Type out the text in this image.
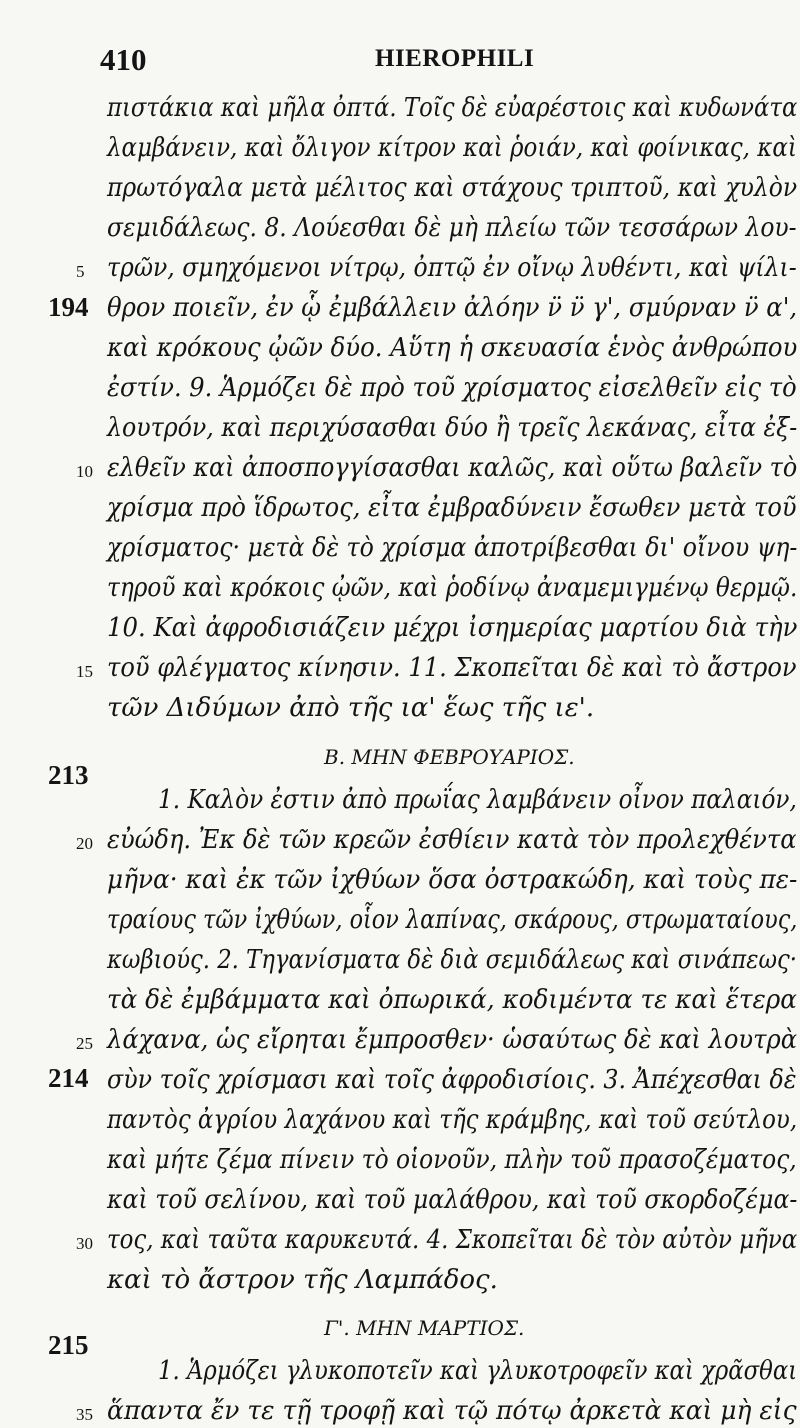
410	HIEROPHILI
πιστάκια καὶ μῆλα ὀπτά. Τοῖς δὲ εὐαρέστοις καὶ κυδωνάτα
λαμβάνειν, καὶ ὄλιγον κίτρον καὶ ῥοιάν, καὶ φοίνικας, καὶ
πρωτόγαλα μετὰ μέλιτος καὶ στάχους τριπτοῦ, καὶ χυλὸν
σεμιδάλεως. 8. Λούεσθαι δὲ μὴ πλείω τῶν τεσσάρων λου-
τρῶν, σμηχόμενοι νίτρῳ, ὀπτῷ ἐν οἴνῳ λυθέντι, καὶ ψίλι-
θρον ποιεῖν, ἐν ᾧ ἐμβάλλειν ἀλόην ν̈ ν̈ γ', σμύρναν ν̈ α',
καὶ κρόκους ᾠῶν δύο. Αὕτη ἡ σκευασία ἑνὸς ἀνθρώπου
ἐστίν. 9. Ἁρμόζει δὲ πρὸ τοῦ χρίσματος εἰσελθεῖν εἰς τὸ
λουτρόν, καὶ περιχύσασθαι δύο ἢ τρεῖς λεκάνας, εἶτα ἐξ-
ελθεῖν καὶ ἀποσπογγίσασθαι καλῶς, καὶ οὕτω βαλεῖν τὸ
χρίσμα πρὸ ἵδρωτος, εἶτα ἐμβραδύνειν ἔσωθεν μετὰ τοῦ
χρίσματος· μετὰ δὲ τὸ χρίσμα ἀποτρίβεσθαι δι' οἴνου ψη-
τηροῦ καὶ κρόκοις ᾠῶν, καὶ ῥοδίνῳ ἀναμεμιγμένῳ θερμῷ.
10. Καὶ ἀφροδισιάζειν μέχρι ἰσημερίας μαρτίου διὰ τὴν
τοῦ φλέγματος κίνησιν. 11. Σκοπεῖται δὲ καὶ τὸ ἄστρον
τῶν Διδύμων ἀπὸ τῆς ια' ἕως τῆς ιε'.
B. ΜΗΝ ΦΕΒΡΟΥΑΡΙΟΣ.
1. Καλὸν ἐστιν ἀπὸ πρωΐας λαμβάνειν οἶνον παλαιόν,
εὐώδη. Ἐκ δὲ τῶν κρεῶν ἐσθίειν κατὰ τὸν προλεχθέντα
μῆνα· καὶ ἐκ τῶν ἰχθύων ὅσα ὀστρακώδη, καὶ τοὺς πε-
τραίους τῶν ἰχθύων, οἷον λαπίνας, σκάρους, στρωματαίους,
κωβιούς. 2. Τηγανίσματα δὲ διὰ σεμιδάλεως καὶ σινάπεως·
τὰ δὲ ἐμβάμματα καὶ ὀπωρικά, κοδιμέντα τε καὶ ἕτερα
λάχανα, ὡς εἴρηται ἔμπροσθεν· ὡσαύτως δὲ καὶ λουτρὰ
σὺν τοῖς χρίσμασι καὶ τοῖς ἀφροδισίοις. 3. Ἀπέχεσθαι δὲ
παντὸς ἀγρίου λαχάνου καὶ τῆς κράμβης, καὶ τοῦ σεύτλου,
καὶ μήτε ζέμα πίνειν τὸ οἱονοῦν, πλὴν τοῦ πρασοζέματος,
καὶ τοῦ σελίνου, καὶ τοῦ μαλάθρου, καὶ τοῦ σκορδοζέμα-
τος, καὶ ταῦτα καρυκευτά. 4. Σκοπεῖται δὲ τὸν αὐτὸν μῆνα
καὶ τὸ ἄστρον τῆς Λαμπάδος.
Γ'. ΜΗΝ ΜΑΡΤΙΟΣ.
1. Ἁρμόζει γλυκοποτεῖν καὶ γλυκοτροφεῖν καὶ χρᾶσθαι
ἅπαντα ἔν τε τῇ τροφῇ καὶ τῷ πότῳ ἀρκετὰ καὶ μὴ εἰς
5
10
15
20
25
194
213
214
30
35
215
